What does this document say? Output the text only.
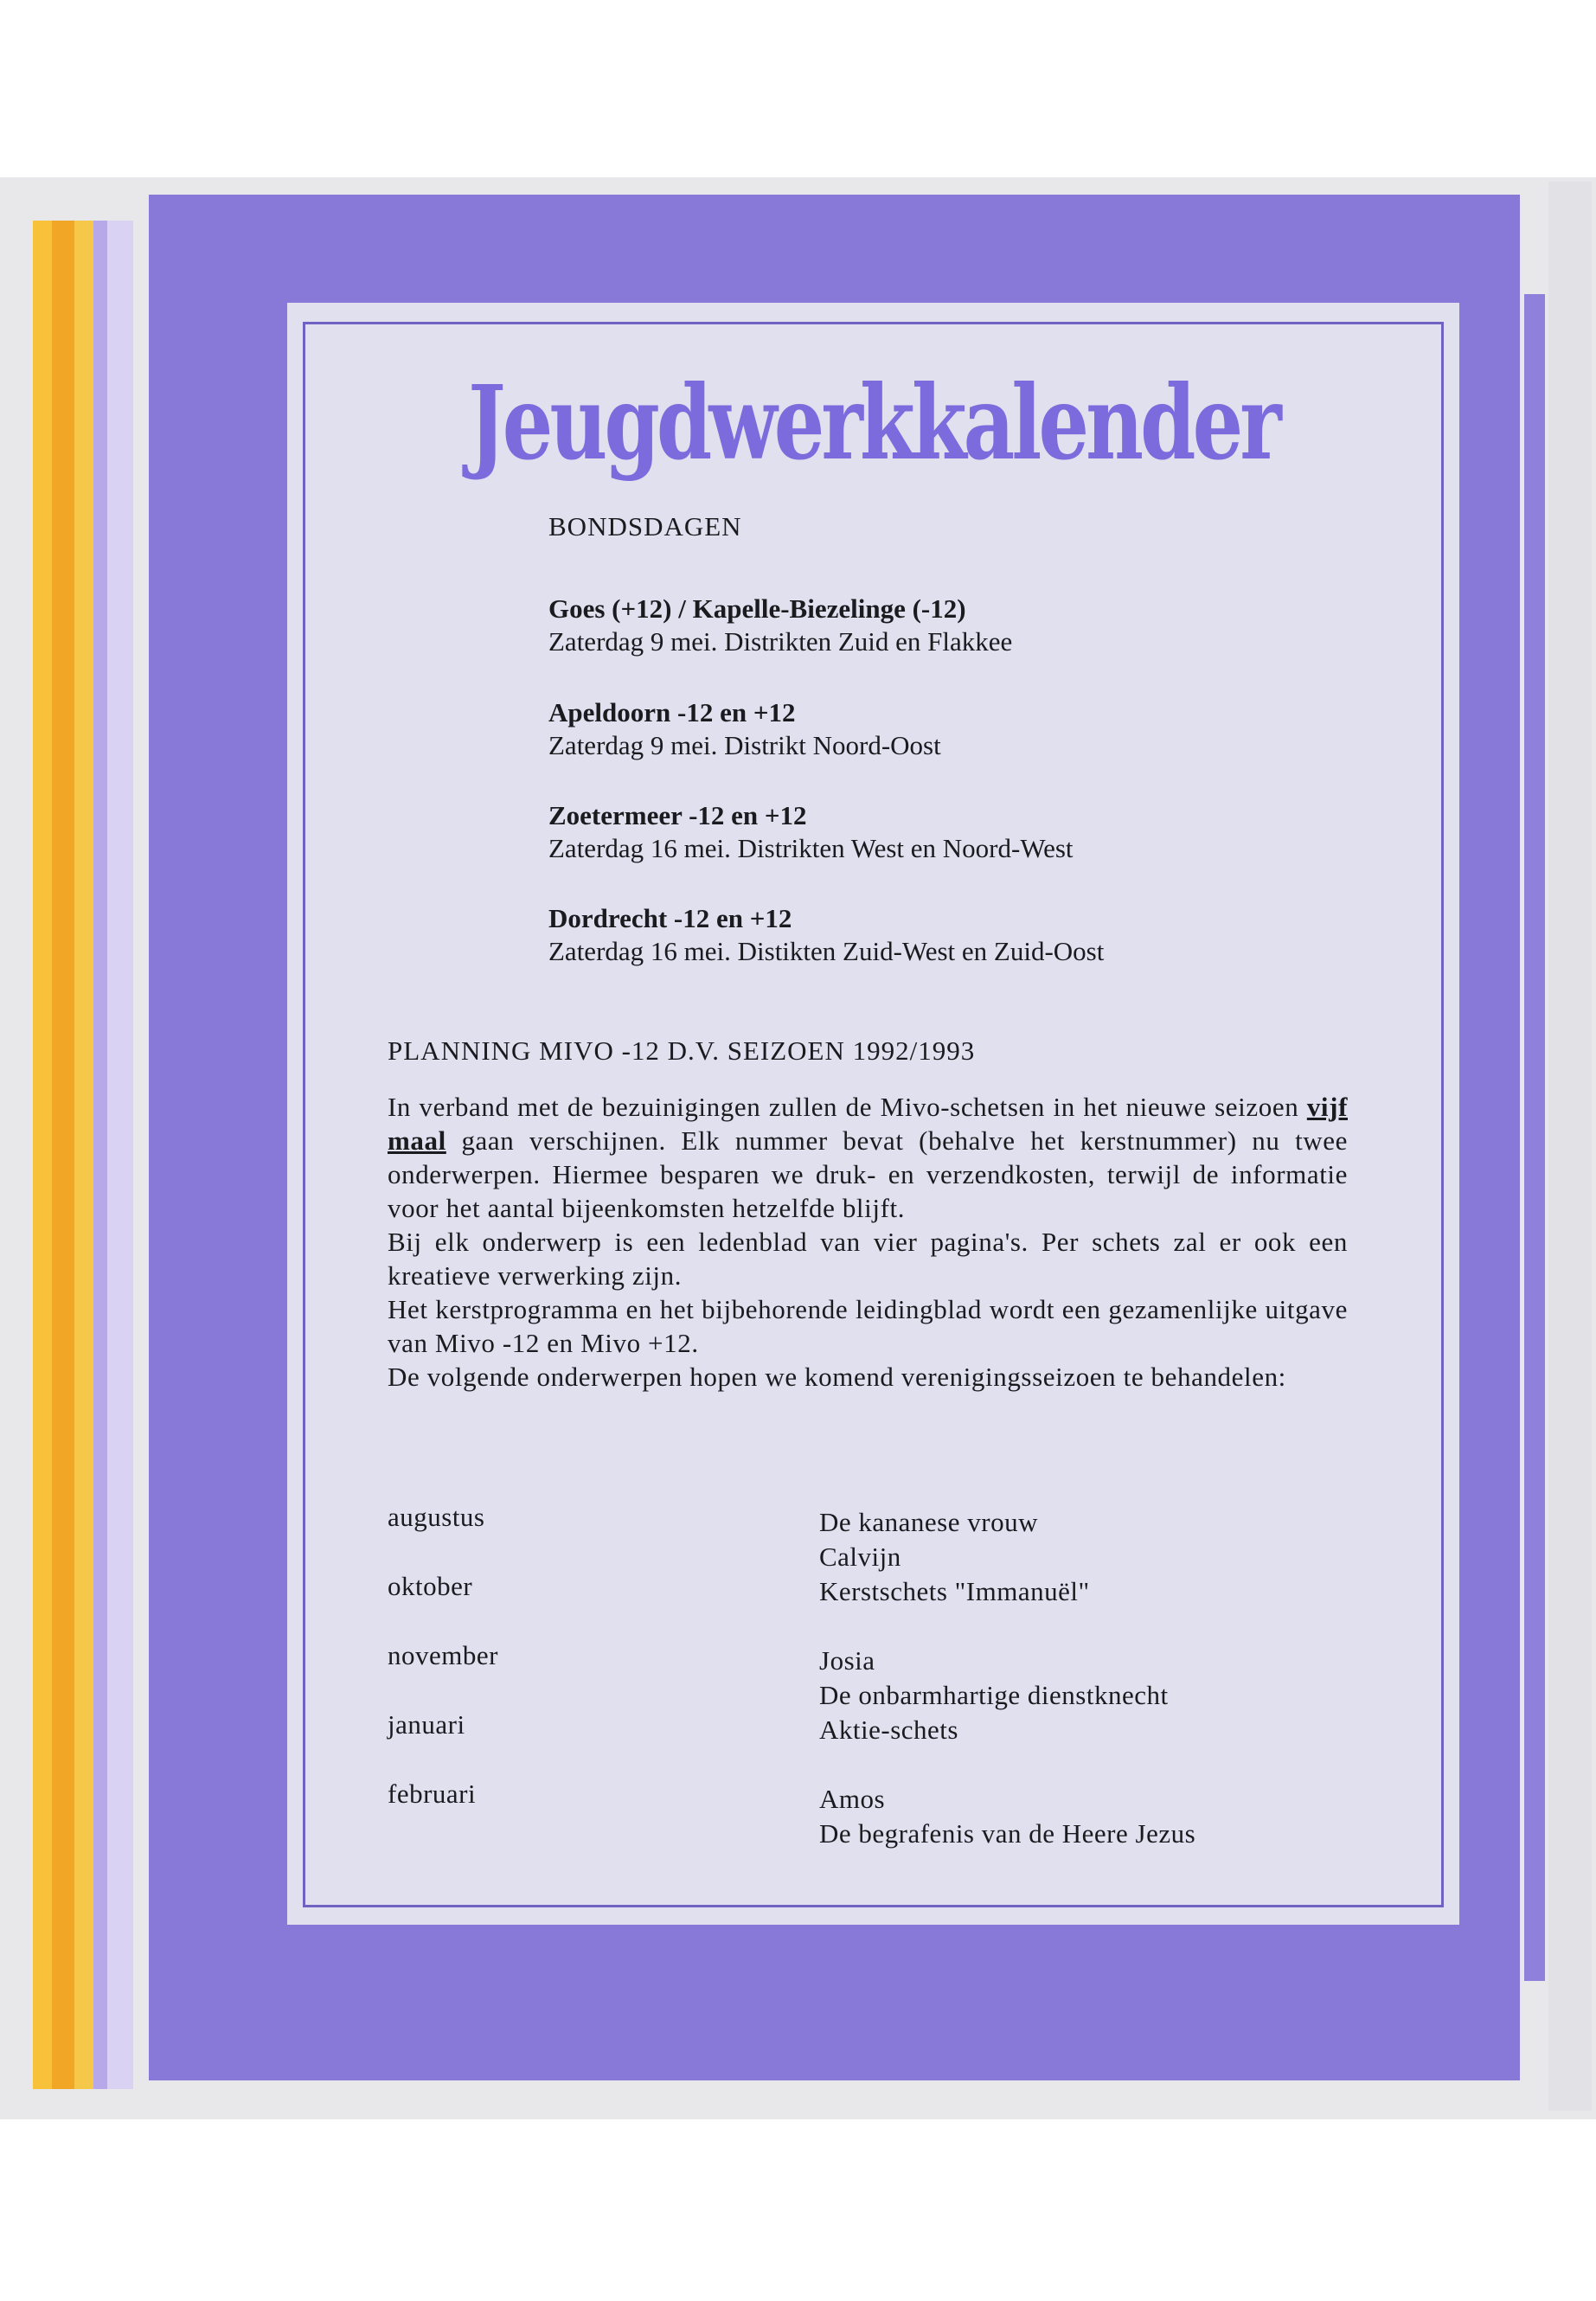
Jeugdwerkkalender
BONDSDAGEN
Goes (+12) / Kapelle-Biezelinge (-12)
Zaterdag 9 mei. Distrikten Zuid en Flakkee
Apeldoorn -12 en +12
Zaterdag 9 mei. Distrikt Noord-Oost
Zoetermeer -12 en +12
Zaterdag 16 mei. Distrikten West en Noord-West
Dordrecht -12 en +12
Zaterdag 16 mei. Distikten Zuid-West en Zuid-Oost
PLANNING MIVO -12 D.V. SEIZOEN 1992/1993

In verband met de bezuinigingen zullen de Mivo-schetsen in het nieuwe seizoen vijf maal gaan verschijnen. Elk nummer bevat (behalve het kerstnummer) nu twee onderwerpen. Hiermee besparen we druk- en verzendkosten, terwijl de informatie voor het aantal bijeenkomsten hetzelfde blijft.

Bij elk onderwerp is een ledenblad van vier pagina's. Per schets zal er ook een kreatieve verwerking zijn.

Het kerstprogramma en het bijbehorende leidingblad wordt een gezamenlijke uitgave van Mivo -12 en Mivo +12.

De volgende onderwerpen hopen we komend verenigingsseizoen te behandelen:

augustus
oktober
november
januari
februari
De kananese vrouw
Calvijn
Kerstschets "Immanuël"
Josia
De onbarmhartige dienstknecht
Aktie-schets
Amos
De begrafenis van de Heere Jezus
